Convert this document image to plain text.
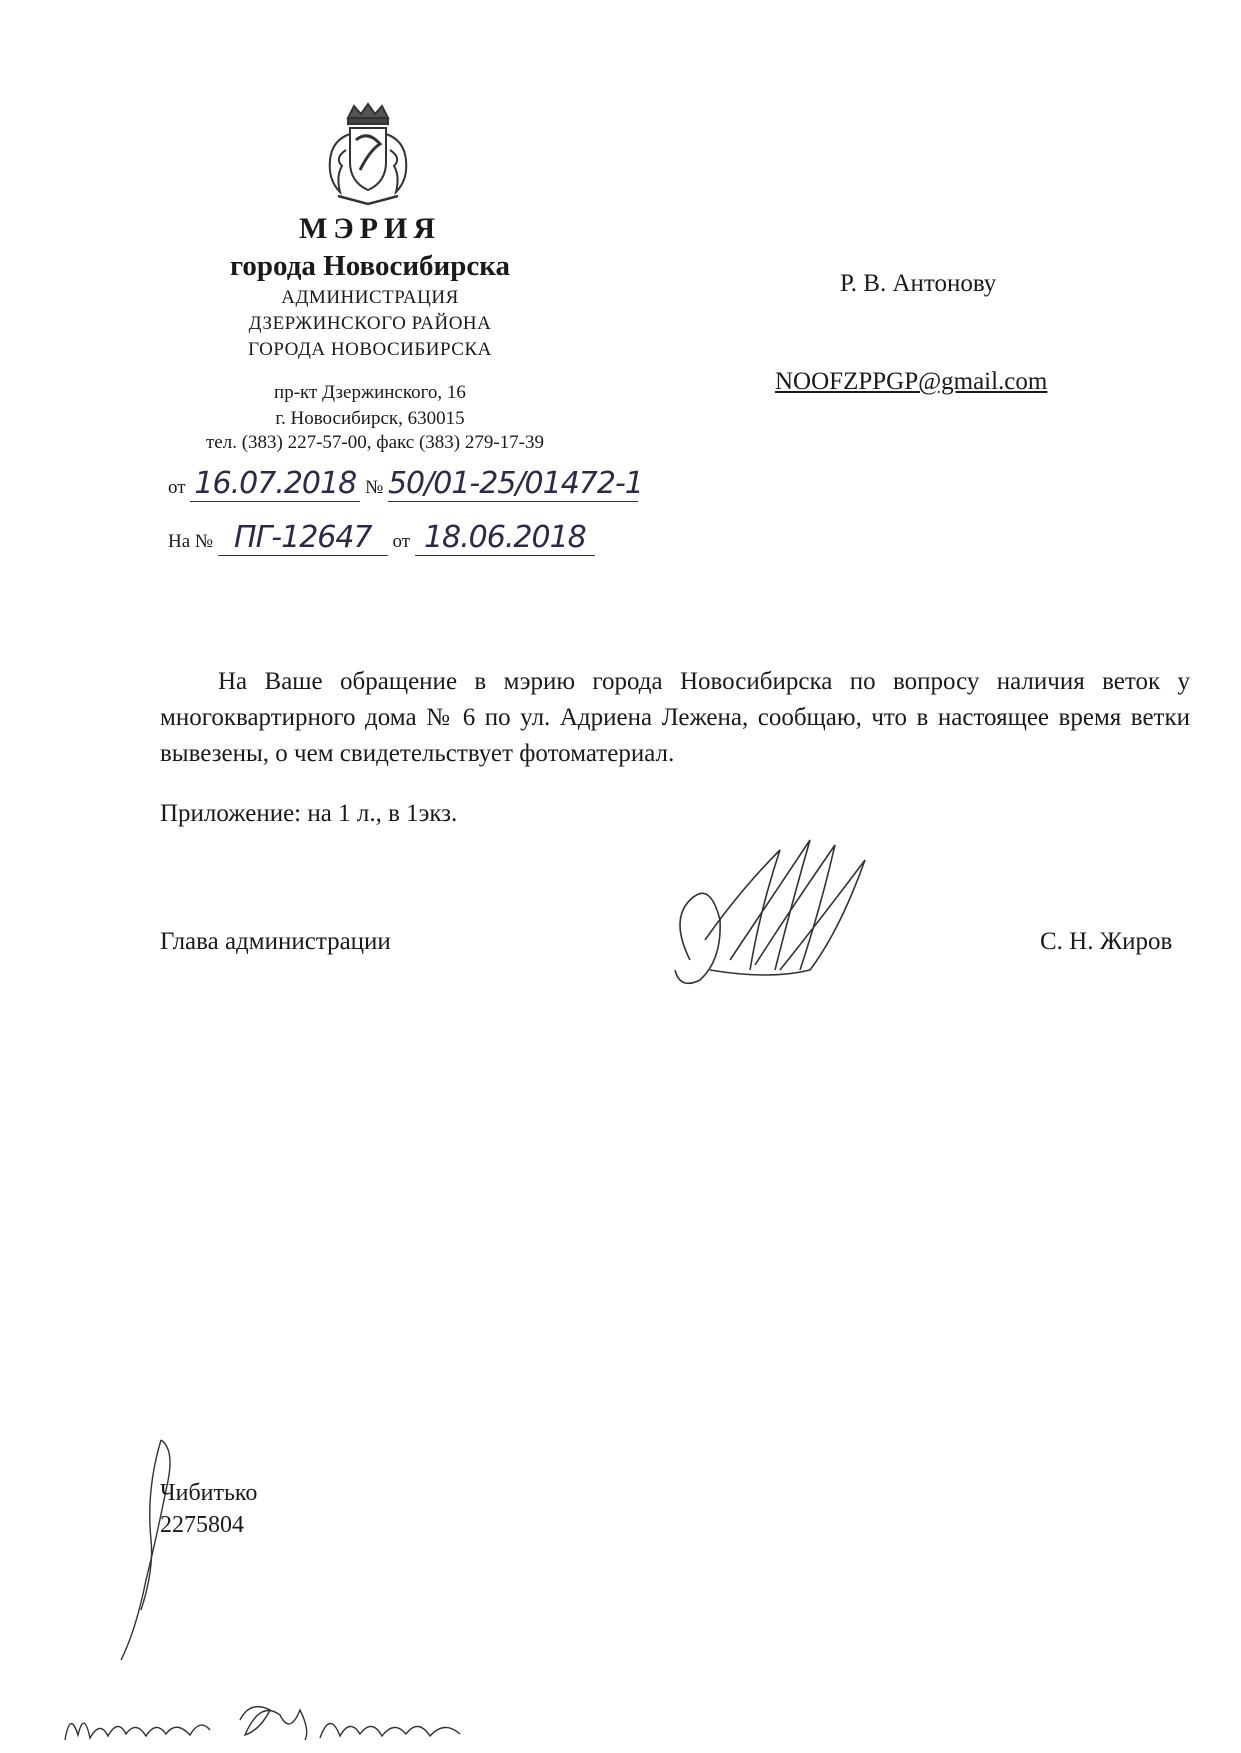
МЭРИЯ
города Новосибирска
АДМИНИСТРАЦИЯ
ДЗЕРЖИНСКОГО РАЙОНА
ГОРОДА НОВОСИБИРСКА
пр-кт Дзержинского, 16
г. Новосибирск, 630015
тел. (383) 227-57-00, факс (383) 279-17-39
от 16.07.2018 № 50/01-25/01472-1
На № ПГ-12647 от 18.06.2018
Р. В. Антонову
NOOFZPPGP@gmail.com

На Ваше обращение в мэрию города Новосибирска по вопросу наличия веток у многоквартирного дома № 6 по ул. Адриена Лежена, сообщаю, что в настоящее время ветки вывезены, о чем свидетельствует фотоматериал.

Приложение: на 1 л., в 1экз.
Глава администрации	С. Н. Жиров
Чибитько
2275804
